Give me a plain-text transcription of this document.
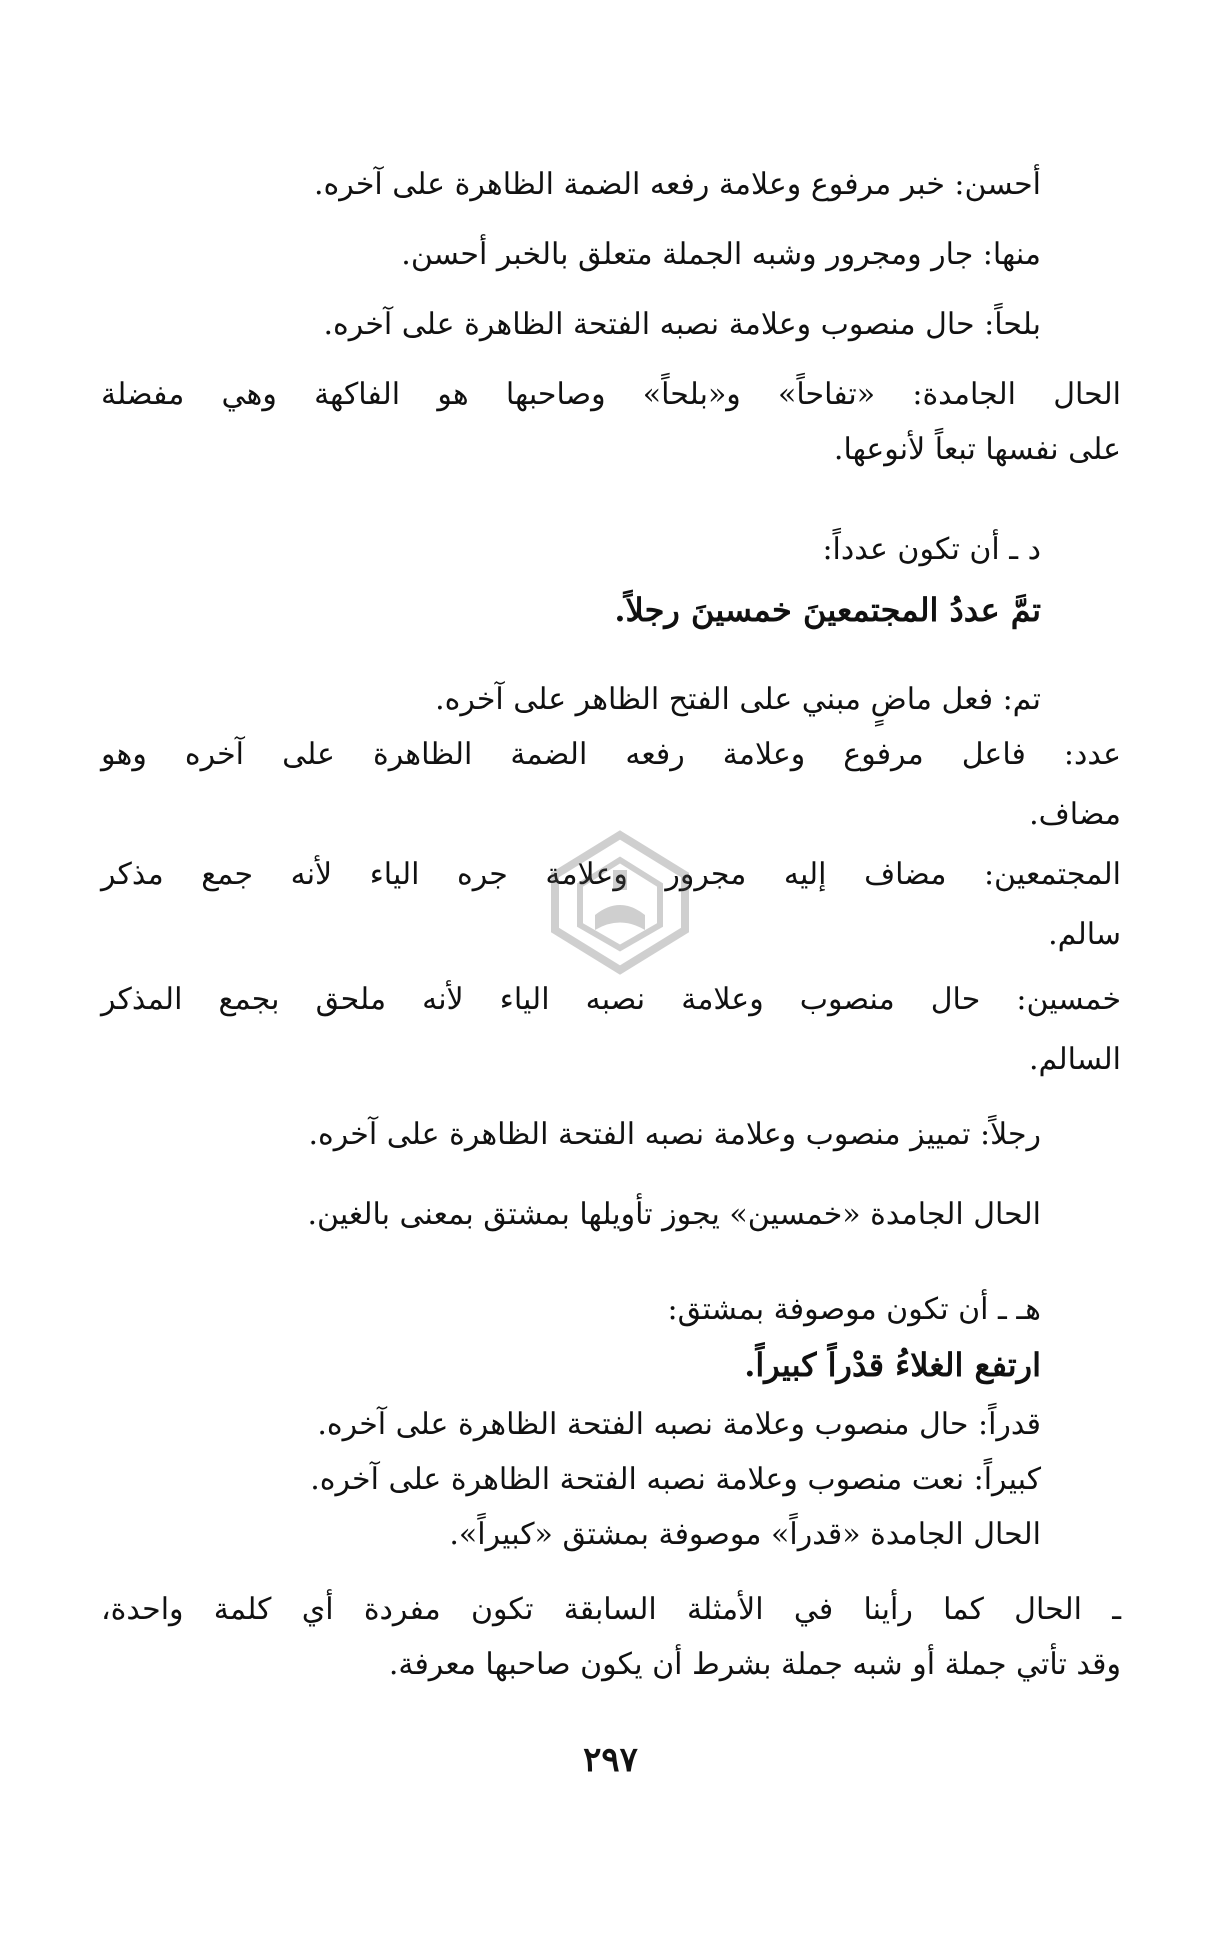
أحسن: خبر مرفوع وعلامة رفعه الضمة الظاهرة على آخره.
منها: جار ومجرور وشبه الجملة متعلق بالخبر أحسن.
بلحاً: حال منصوب وعلامة نصبه الفتحة الظاهرة على آخره.
الحال الجامدة: «تفاحاً» و«بلحاً» وصاحبها هو الفاكهة وهي مفضلة
على نفسها تبعاً لأنوعها.
د ـ أن تكون عدداً:
تمَّ عددُ المجتمعينَ خمسينَ رجلاً.
تم: فعل ماضٍ مبني على الفتح الظاهر على آخره.
عدد: فاعل مرفوع وعلامة رفعه الضمة الظاهرة على آخره وهو
مضاف.
المجتمعين: مضاف إليه مجرور وعلامة جره الياء لأنه جمع مذكر
سالم.
خمسين: حال منصوب وعلامة نصبه الياء لأنه ملحق بجمع المذكر
السالم.
رجلاً: تمييز منصوب وعلامة نصبه الفتحة الظاهرة على آخره.
الحال الجامدة «خمسين» يجوز تأويلها بمشتق بمعنى بالغين.
هـ ـ أن تكون موصوفة بمشتق:
ارتفع الغلاءُ قدْراً كبيراً.
قدراً: حال منصوب وعلامة نصبه الفتحة الظاهرة على آخره.
كبيراً: نعت منصوب وعلامة نصبه الفتحة الظاهرة على آخره.
الحال الجامدة «قدراً» موصوفة بمشتق «كبيراً».
ـ الحال كما رأينا في الأمثلة السابقة تكون مفردة أي كلمة واحدة،
وقد تأتي جملة أو شبه جملة بشرط أن يكون صاحبها معرفة.
٢٩٧
